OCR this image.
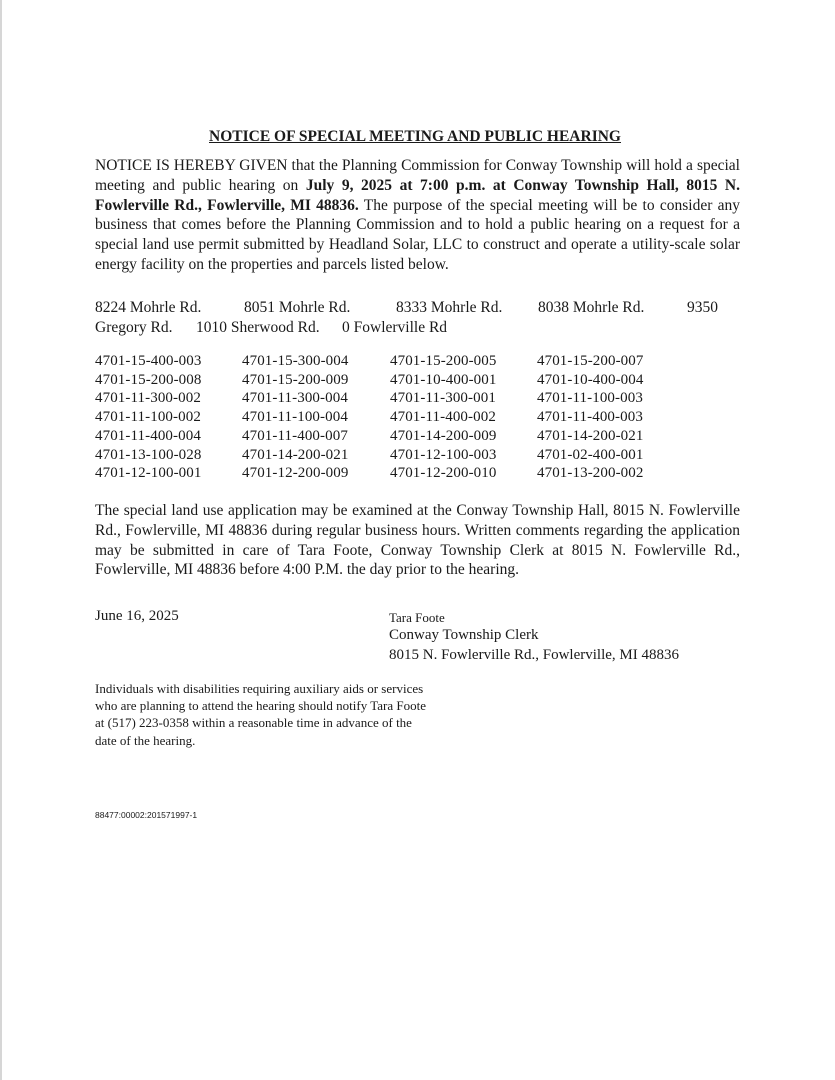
NOTICE OF SPECIAL MEETING AND PUBLIC HEARING

NOTICE IS HEREBY GIVEN that the Planning Commission for Conway Township will hold a special meeting and public hearing on July 9, 2025 at 7:00 p.m. at Conway Township Hall, 8015 N. Fowlerville Rd., Fowlerville, MI 48836. The purpose of the special meeting will be to consider any business that comes before the Planning Commission and to hold a public hearing on a request for a special land use permit submitted by Headland Solar, LLC to construct and operate a utility-scale solar energy facility on the properties and parcels listed below.

8224 Mohrle Rd.	8051 Mohrle Rd.	8333 Mohrle Rd. 8038 Mohrle Rd.	9350
Gregory Rd. 1010 Sherwood Rd. 0 Fowlerville Rd
4701-15-400-003	4701-15-300-004	4701-15-200-005	4701-15-200-007
4701-15-200-008	4701-15-200-009	4701-10-400-001	4701-10-400-004
4701-11-300-002	4701-11-300-004	4701-11-300-001	4701-11-100-003
4701-11-100-002	4701-11-100-004	4701-11-400-002	4701-11-400-003
4701-11-400-004	4701-11-400-007	4701-14-200-009	4701-14-200-021
4701-13-100-028	4701-14-200-021	4701-12-100-003	4701-02-400-001
4701-12-100-001	4701-12-200-009	4701-12-200-010	4701-13-200-002

The special land use application may be examined at the Conway Township Hall, 8015 N. Fowlerville Rd., Fowlerville, MI 48836 during regular business hours. Written comments regarding the application may be submitted in care of Tara Foote, Conway Township Clerk at 8015 N. Fowlerville Rd., Fowlerville, MI 48836 before 4:00 P.M. the day prior to the hearing.

June 16, 2025	Tara Foote
Conway Township Clerk
8015 N. Fowlerville Rd., Fowlerville, MI 48836

Individuals with disabilities requiring auxiliary aids or services who are planning to attend the hearing should notify Tara Foote at (517) 223-0358 within a reasonable time in advance of the date of the hearing.

88477:00002:201571997-1
